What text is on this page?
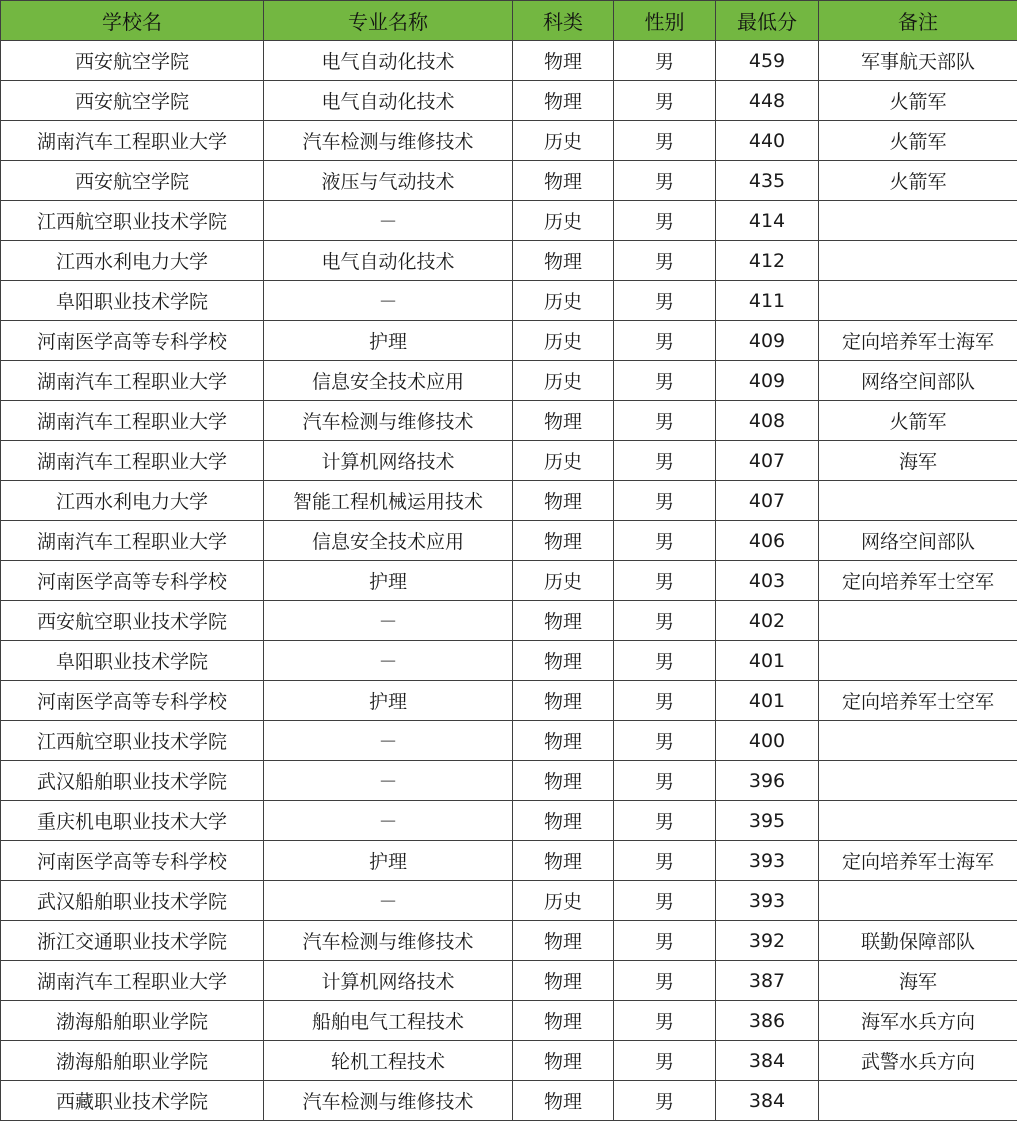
学校名	专业名称	科类	性别	最低分	备注
西安航空学院	电气自动化技术	物理	男	459	军事航天部队
西安航空学院	电气自动化技术	物理	男	448	火箭军
湖南汽车工程职业大学	汽车检测与维修技术	历史	男	440	火箭军
西安航空学院	液压与气动技术	物理	男	435	火箭军
江西航空职业技术学院	－	历史	男	414	
江西水利电力大学	电气自动化技术	物理	男	412	
阜阳职业技术学院	－	历史	男	411	
河南医学高等专科学校	护理	历史	男	409	定向培养军士海军
湖南汽车工程职业大学	信息安全技术应用	历史	男	409	网络空间部队
湖南汽车工程职业大学	汽车检测与维修技术	物理	男	408	火箭军
湖南汽车工程职业大学	计算机网络技术	历史	男	407	海军
江西水利电力大学	智能工程机械运用技术	物理	男	407	
湖南汽车工程职业大学	信息安全技术应用	物理	男	406	网络空间部队
河南医学高等专科学校	护理	历史	男	403	定向培养军士空军
西安航空职业技术学院	－	物理	男	402	
阜阳职业技术学院	－	物理	男	401	
河南医学高等专科学校	护理	物理	男	401	定向培养军士空军
江西航空职业技术学院	－	物理	男	400	
武汉船舶职业技术学院	－	物理	男	396	
重庆机电职业技术大学	－	物理	男	395	
河南医学高等专科学校	护理	物理	男	393	定向培养军士海军
武汉船舶职业技术学院	－	历史	男	393	
浙江交通职业技术学院	汽车检测与维修技术	物理	男	392	联勤保障部队
湖南汽车工程职业大学	计算机网络技术	物理	男	387	海军
渤海船舶职业学院	船舶电气工程技术	物理	男	386	海军水兵方向
渤海船舶职业学院	轮机工程技术	物理	男	384	武警水兵方向
西藏职业技术学院	汽车检测与维修技术	物理	男	384	
